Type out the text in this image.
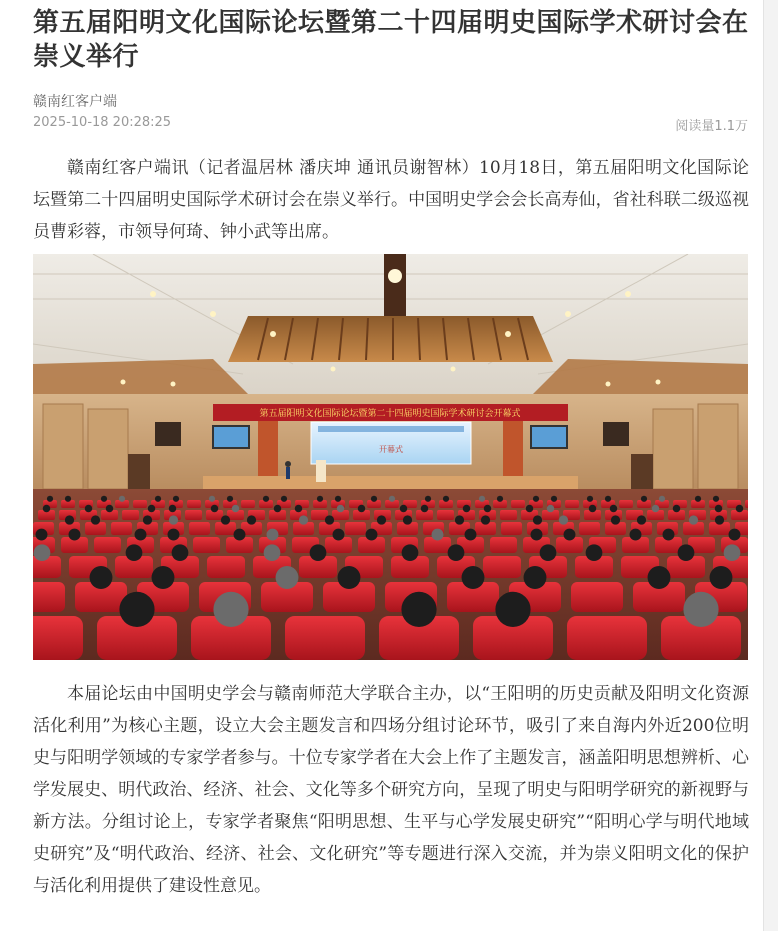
第五届阳明文化国际论坛暨第二十四届明史国际学术研讨会在崇义举行
赣南红客户端
2025-10-18 20:28:25	阅读量1.1万

赣南红客户端讯（记者温居林 潘庆坤 通讯员谢智林）10月18日，第五届阳明文化国际论坛暨第二十四届明史国际学术研讨会在崇义举行。中国明史学会会长高寿仙，省社科联二级巡视员曹彩蓉，市领导何琦、钟小武等出席。

第五届阳明文化国际论坛暨第二十四届明史国际学术研讨会开幕式
开幕式

本届论坛由中国明史学会与赣南师范大学联合主办，以“王阳明的历史贡献及阳明文化资源活化利用”为核心主题，设立大会主题发言和四场分组讨论环节，吸引了来自海内外近200位明史与阳明学领域的专家学者参与。十位专家学者在大会上作了主题发言，涵盖阳明思想辨析、心学发展史、明代政治、经济、社会、文化等多个研究方向，呈现了明史与阳明学研究的新视野与新方法。分组讨论上，专家学者聚焦“阳明思想、生平与心学发展史研究”“阳明心学与明代地域史研究”及“明代政治、经济、社会、文化研究”等专题进行深入交流，并为崇义阳明文化的保护与活化利用提供了建设性意见。
